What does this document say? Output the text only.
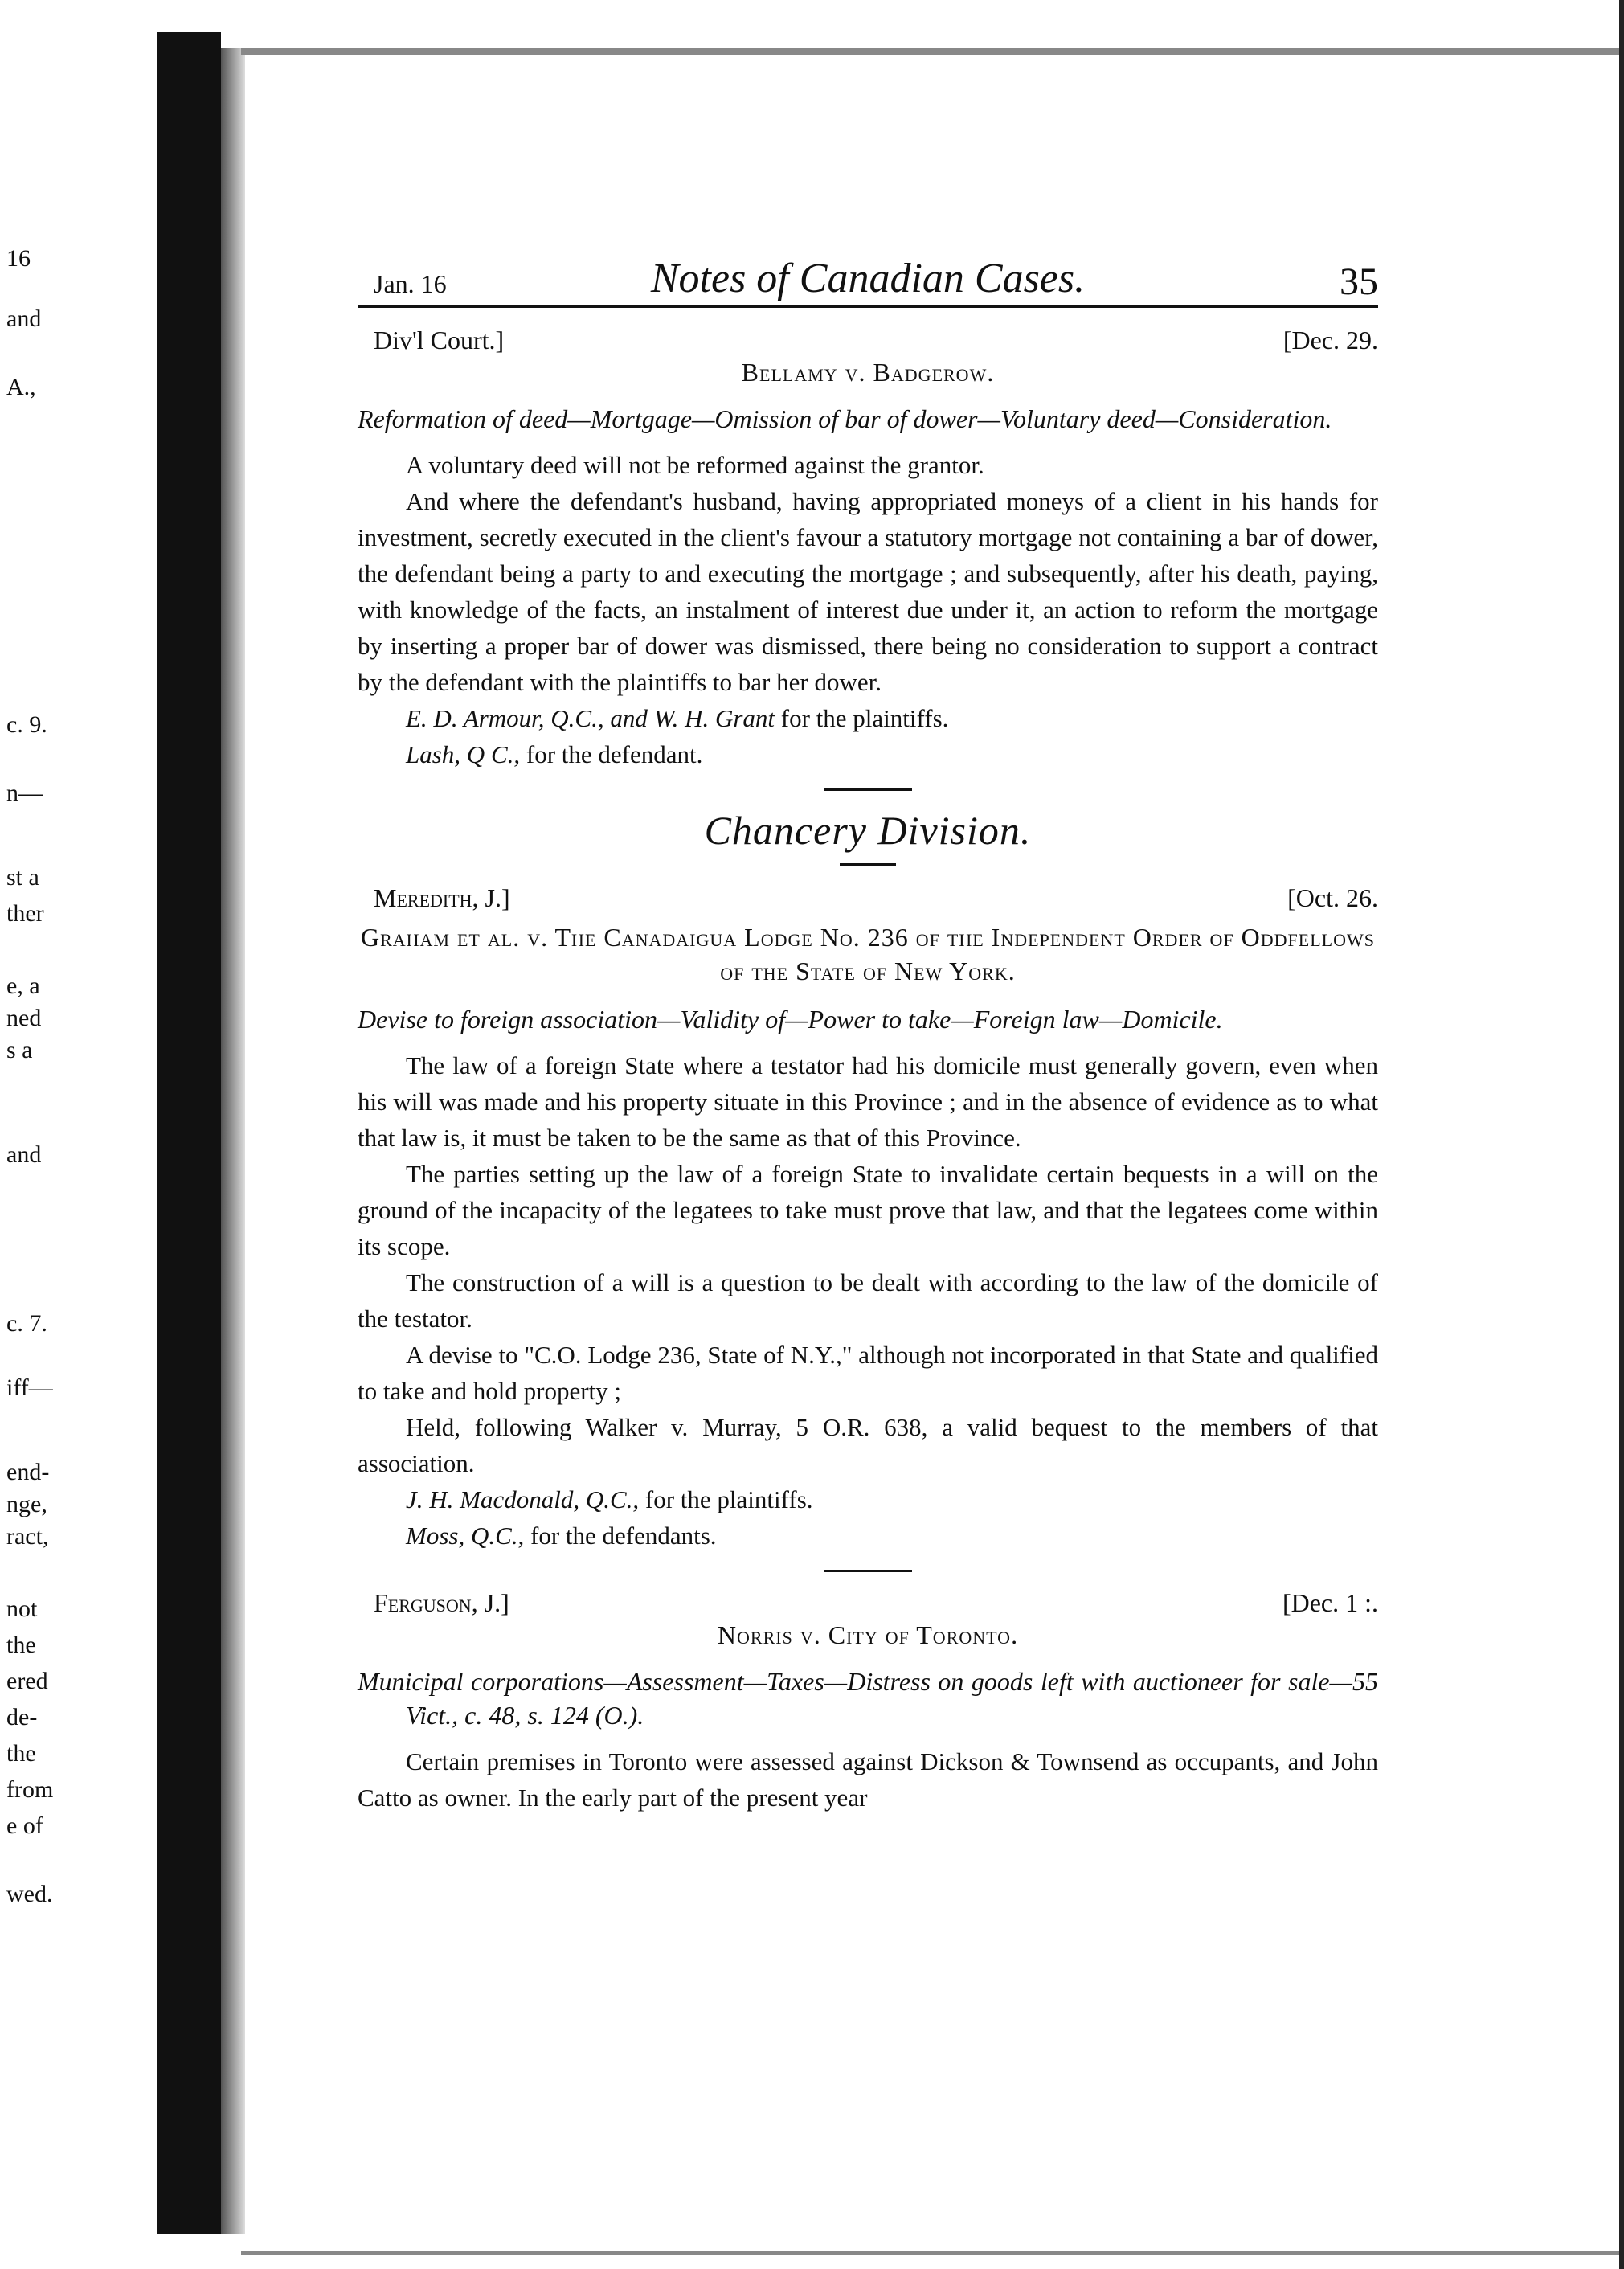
16
and
A.,
c. 9.
n—
st a
ther
e, a
ned
s a
and
c. 7.
iff—
end-
nge,
ract,
not
the
ered
de-
the
from
e of
wed.
Jan. 16	Notes of Canadian Cases.	35
Div'l Court.]	[Dec. 29.
Bellamy v. Badgerow.
Reformation of deed—Mortgage—Omission of bar of dower—Voluntary deed—Consideration.

A voluntary deed will not be reformed against the grantor.

And where the defendant's husband, having appropriated moneys of a client in his hands for investment, secretly executed in the client's favour a statutory mortgage not containing a bar of dower, the defendant being a party to and executing the mortgage ; and subsequently, after his death, paying, with knowledge of the facts, an instalment of interest due under it, an action to reform the mortgage by inserting a proper bar of dower was dismissed, there being no consideration to support a contract by the defendant with the plaintiffs to bar her dower.

E. D. Armour, Q.C., and W. H. Grant for the plaintiffs.

Lash, Q C., for the defendant.

Chancery Division.
Meredith, J.]	[Oct. 26.
Graham et al. v. The Canadaigua Lodge No. 236 of the Independent Order of Oddfellows of the State of New York.
Devise to foreign association—Validity of—Power to take—Foreign law—Domicile.

The law of a foreign State where a testator had his domicile must generally govern, even when his will was made and his property situate in this Province ; and in the absence of evidence as to what that law is, it must be taken to be the same as that of this Province.

The parties setting up the law of a foreign State to invalidate certain bequests in a will on the ground of the incapacity of the legatees to take must prove that law, and that the legatees come within its scope.

The construction of a will is a question to be dealt with according to the law of the domicile of the testator.

A devise to "C.O. Lodge 236, State of N.Y.," although not incorporated in that State and qualified to take and hold property ;

Held, following Walker v. Murray, 5 O.R. 638, a valid bequest to the members of that association.

J. H. Macdonald, Q.C., for the plaintiffs.

Moss, Q.C., for the defendants.

Ferguson, J.]	[Dec. 1 :.
Norris v. City of Toronto.
Municipal corporations—Assessment—Taxes—Distress on goods left with auctioneer for sale—55 Vict., c. 48, s. 124 (O.).

Certain premises in Toronto were assessed against Dickson & Townsend as occupants, and John Catto as owner. In the early part of the present year
